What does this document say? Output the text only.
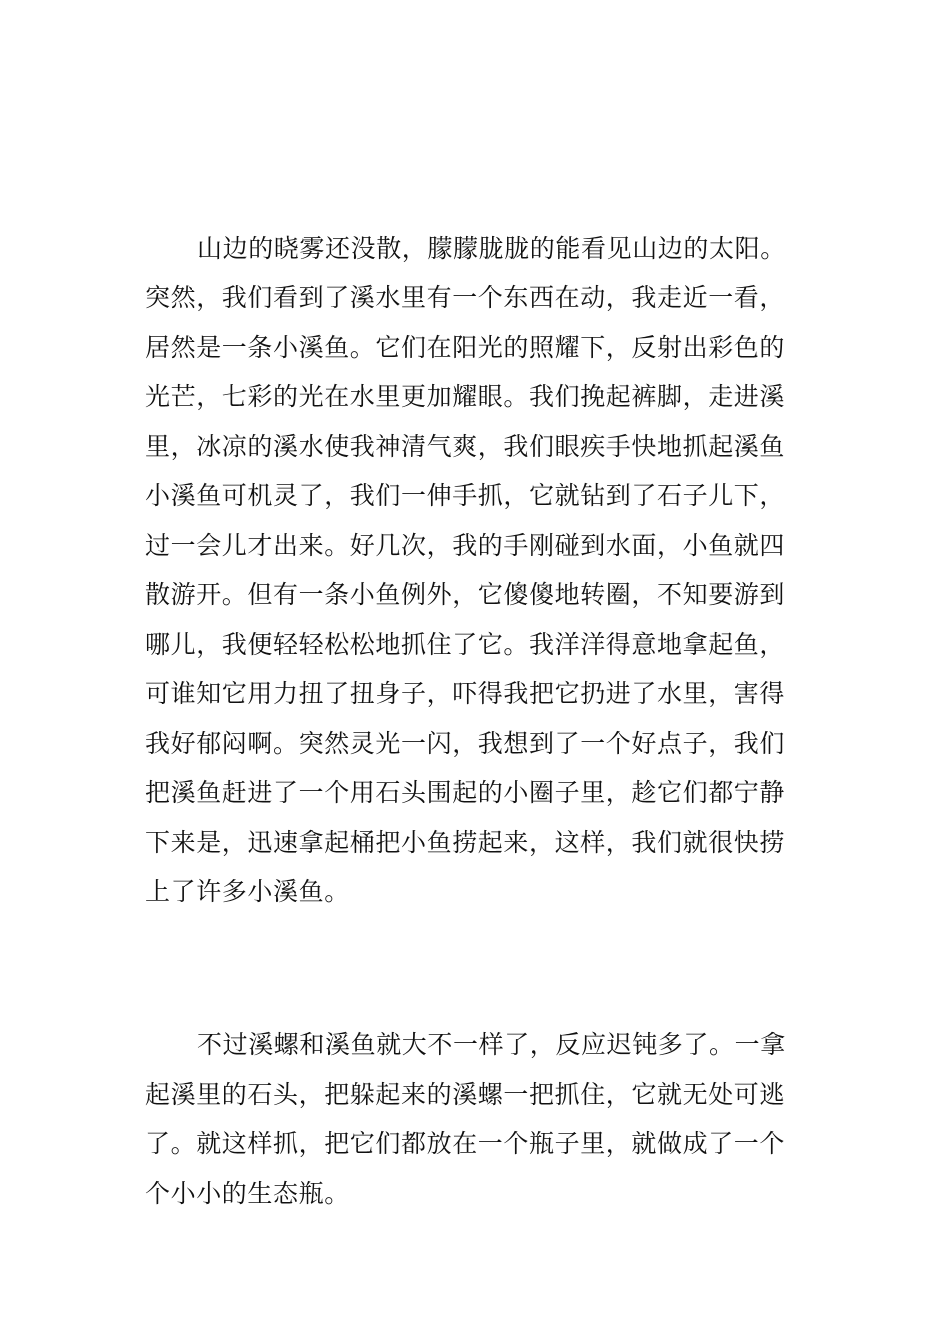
山边的晓雾还没散，朦朦胧胧的能看见山边的太阳。
突然，我们看到了溪水里有一个东西在动，我走近一看，
居然是一条小溪鱼。它们在阳光的照耀下，反射出彩色的
光芒，七彩的光在水里更加耀眼。我们挽起裤脚，走进溪
里，冰凉的溪水使我神清气爽，我们眼疾手快地抓起溪鱼
小溪鱼可机灵了，我们一伸手抓，它就钻到了石子儿下，
过一会儿才出来。好几次，我的手刚碰到水面，小鱼就四
散游开。但有一条小鱼例外，它傻傻地转圈，不知要游到
哪儿，我便轻轻松松地抓住了它。我洋洋得意地拿起鱼，
可谁知它用力扭了扭身子，吓得我把它扔进了水里，害得
我好郁闷啊。突然灵光一闪，我想到了一个好点子，我们
把溪鱼赶进了一个用石头围起的小圈子里，趁它们都宁静
下来是，迅速拿起桶把小鱼捞起来，这样，我们就很快捞
上了许多小溪鱼。
不过溪螺和溪鱼就大不一样了，反应迟钝多了。一拿
起溪里的石头，把躲起来的溪螺一把抓住，它就无处可逃
了。就这样抓，把它们都放在一个瓶子里，就做成了一个
个小小的生态瓶。
